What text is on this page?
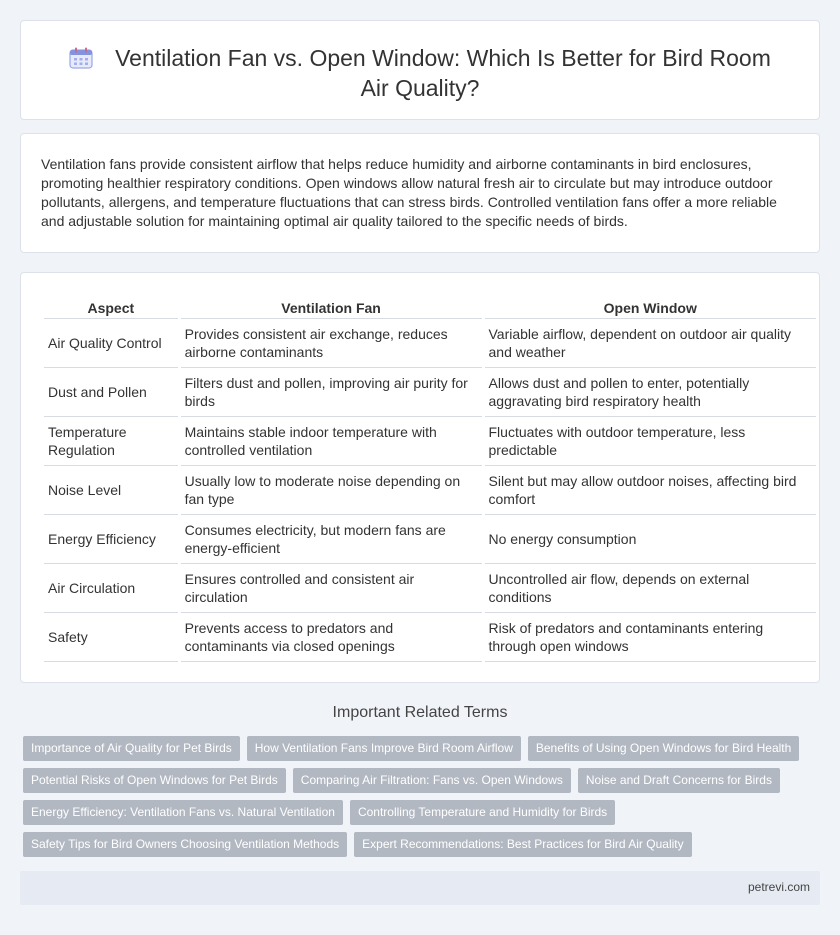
Ventilation Fan vs. Open Window: Which Is Better for Bird Room Air Quality?

Ventilation fans provide consistent airflow that helps reduce humidity and airborne contaminants in bird enclosures, promoting healthier respiratory conditions. Open windows allow natural fresh air to circulate but may introduce outdoor pollutants, allergens, and temperature fluctuations that can stress birds. Controlled ventilation fans offer a more reliable and adjustable solution for maintaining optimal air quality tailored to the specific needs of birds.

Aspect	Ventilation Fan	Open Window
Air Quality Control	Provides consistent air exchange, reduces airborne contaminants	Variable airflow, dependent on outdoor air quality and weather
Dust and Pollen	Filters dust and pollen, improving air purity for birds	Allows dust and pollen to enter, potentially aggravating bird respiratory health
Temperature Regulation	Maintains stable indoor temperature with controlled ventilation	Fluctuates with outdoor temperature, less predictable
Noise Level	Usually low to moderate noise depending on fan type	Silent but may allow outdoor noises, affecting bird comfort
Energy Efficiency	Consumes electricity, but modern fans are energy-efficient	No energy consumption
Air Circulation	Ensures controlled and consistent air circulation	Uncontrolled air flow, depends on external conditions
Safety	Prevents access to predators and contaminants via closed openings	Risk of predators and contaminants entering through open windows
Important Related Terms
Importance of Air Quality for Pet Birds	How Ventilation Fans Improve Bird Room Airflow	Benefits of Using Open Windows for Bird Health
Potential Risks of Open Windows for Pet Birds	Comparing Air Filtration: Fans vs. Open Windows	Noise and Draft Concerns for Birds
Energy Efficiency: Ventilation Fans vs. Natural Ventilation	Controlling Temperature and Humidity for Birds
Safety Tips for Bird Owners Choosing Ventilation Methods	Expert Recommendations: Best Practices for Bird Air Quality
petrevi.com
